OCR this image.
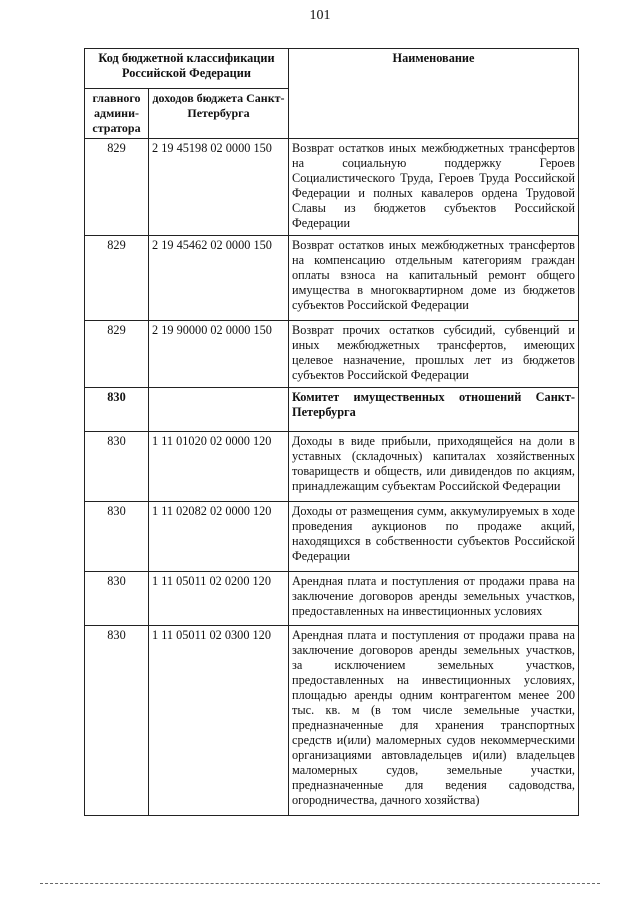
101
Код бюджетной классификации Российской Федерации		Наименование
главного админи-стратора	доходов бюджета Санкт-Петербурга	
829	2 19 45198 02 0000 150	Возврат остатков иных межбюджетных трансфертов на социальную поддержку Героев Социалистического Труда, Героев Труда Российской Федерации и полных кавалеров ордена Трудовой Славы из бюджетов субъектов Российской Федерации
829	2 19 45462 02 0000 150	Возврат остатков иных межбюджетных трансфертов на компенсацию отдельным категориям граждан оплаты взноса на капитальный ремонт общего имущества в многоквартирном доме из бюджетов субъектов Российской Федерации
829	2 19 90000 02 0000 150	Возврат прочих остатков субсидий, субвенций и иных межбюджетных трансфертов, имеющих целевое назначение, прошлых лет из бюджетов субъектов Российской Федерации
830		Комитет имущественных отношений Санкт-Петербурга
830	1 11 01020 02 0000 120	Доходы в виде прибыли, приходящейся на доли в уставных (складочных) капиталах хозяйственных товариществ и обществ, или дивидендов по акциям, принадлежащим субъектам Российской Федерации
830	1 11 02082 02 0000 120	Доходы от размещения сумм, аккумулируемых в ходе проведения аукционов по продаже акций, находящихся в собственности субъектов Российской Федерации
830	1 11 05011 02 0200 120	Арендная плата и поступления от продажи права на заключение договоров аренды земельных участков, предоставленных на инвестиционных условиях
830	1 11 05011 02 0300 120	Арендная плата и поступления от продажи права на заключение договоров аренды земельных участков, за исключением земельных участков, предоставленных на инвестиционных условиях, площадью аренды одним контрагентом менее 200 тыс. кв. м (в том числе земельные участки, предназначенные для хранения транспортных средств и(или) маломерных судов некоммерческими организациями автовладельцев и(или) владельцев маломерных судов, земельные участки, предназначенные для ведения садоводства, огородничества, дачного хозяйства)
